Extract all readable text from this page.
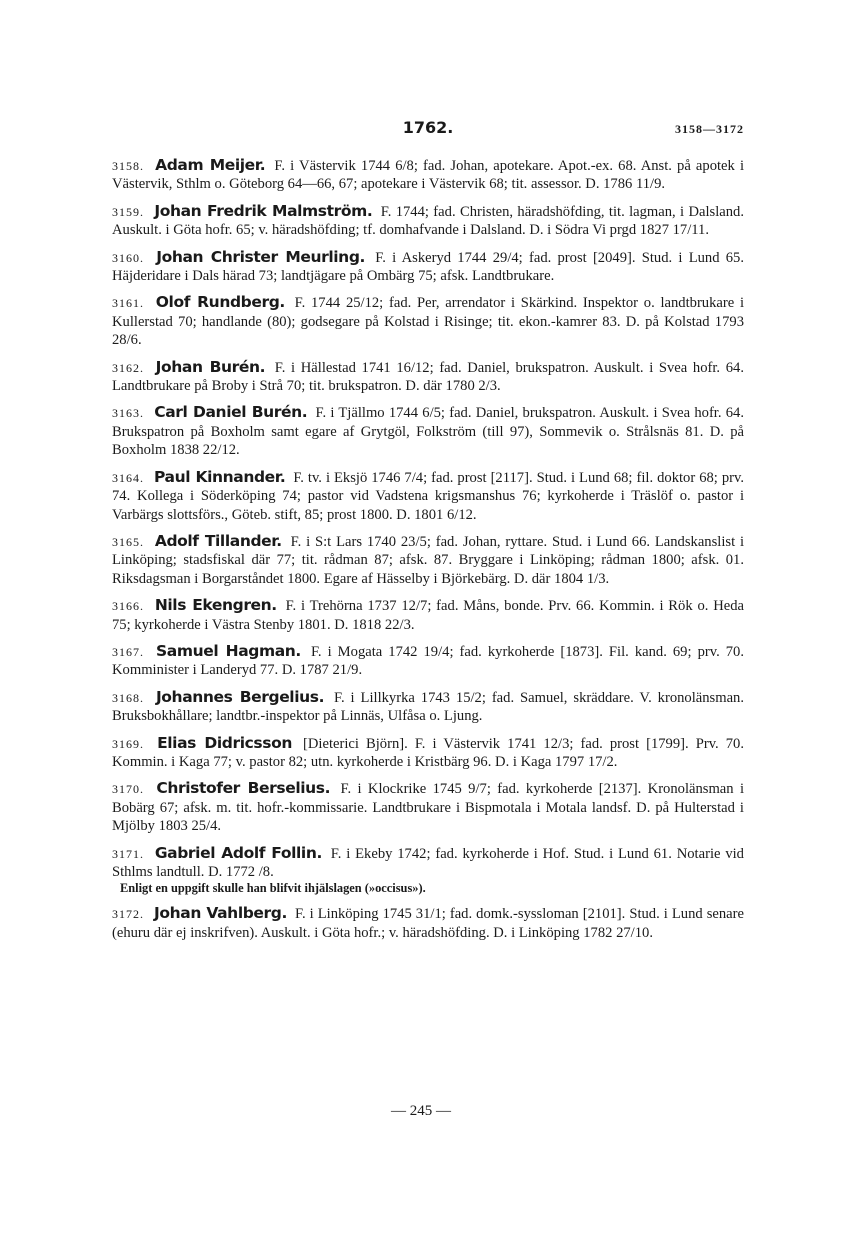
1762.	3158—3172

3158. Adam Meijer. F. i Västervik 1744 6/8; fad. Johan, apotekare. Apot.-ex. 68. Anst. på apotek i Västervik, Sthlm o. Göteborg 64—66, 67; apotekare i Västervik 68; tit. assessor. D. 1786 11/9.

3159. Johan Fredrik Malmström. F. 1744; fad. Christen, häradshöfding, tit. lagman, i Dalsland. Auskult. i Göta hofr. 65; v. häradshöfding; tf. domhafvande i Dalsland. D. i Södra Vi prgd 1827 17/11.

3160. Johan Christer Meurling. F. i Askeryd 1744 29/4; fad. prost [2049]. Stud. i Lund 65. Häjderidare i Dals härad 73; landtjägare på Ombärg 75; afsk. Landtbrukare.

3161. Olof Rundberg. F. 1744 25/12; fad. Per, arrendator i Skärkind. Inspektor o. landtbrukare i Kullerstad 70; handlande (80); godsegare på Kolstad i Risinge; tit. ekon.-kamrer 83. D. på Kolstad 1793 28/6.

3162. Johan Burén. F. i Hällestad 1741 16/12; fad. Daniel, brukspatron. Auskult. i Svea hofr. 64. Landtbrukare på Broby i Strå 70; tit. brukspatron. D. där 1780 2/3.

3163. Carl Daniel Burén. F. i Tjällmo 1744 6/5; fad. Daniel, brukspatron. Auskult. i Svea hofr. 64. Brukspatron på Boxholm samt egare af Grytgöl, Folkström (till 97), Sommevik o. Strålsnäs 81. D. på Boxholm 1838 22/12.

3164. Paul Kinnander. F. tv. i Eksjö 1746 7/4; fad. prost [2117]. Stud. i Lund 68; fil. doktor 68; prv. 74. Kollega i Söderköping 74; pastor vid Vadstena krigsmanshus 76; kyrkoherde i Träslöf o. pastor i Varbärgs slottsförs., Göteb. stift, 85; prost 1800. D. 1801 6/12.

3165. Adolf Tillander. F. i S:t Lars 1740 23/5; fad. Johan, ryttare. Stud. i Lund 66. Landskanslist i Linköping; stadsfiskal där 77; tit. rådman 87; afsk. 87. Bryggare i Linköping; rådman 1800; afsk. 01. Riksdagsman i Borgarståndet 1800. Egare af Hässelby i Björkebärg. D. där 1804 1/3.

3166. Nils Ekengren. F. i Trehörna 1737 12/7; fad. Måns, bonde. Prv. 66. Kommin. i Rök o. Heda 75; kyrkoherde i Västra Stenby 1801. D. 1818 22/3.

3167. Samuel Hagman. F. i Mogata 1742 19/4; fad. kyrkoherde [1873]. Fil. kand. 69; prv. 70. Komminister i Landeryd 77. D. 1787 21/9.

3168. Johannes Bergelius. F. i Lillkyrka 1743 15/2; fad. Samuel, skräddare. V. kronolänsman. Bruksbokhållare; landtbr.-inspektor på Linnäs, Ulfåsa o. Ljung.

3169. Elias Didricsson [Dieterici Björn]. F. i Västervik 1741 12/3; fad. prost [1799]. Prv. 70. Kommin. i Kaga 77; v. pastor 82; utn. kyrkoherde i Kristbärg 96. D. i Kaga 1797 17/2.

3170. Christofer Berselius. F. i Klockrike 1745 9/7; fad. kyrkoherde [2137]. Kronolänsman i Bobärg 67; afsk. m. tit. hofr.-kommissarie. Landtbrukare i Bispmotala i Motala landsf. D. på Hulterstad i Mjölby 1803 25/4.

3171. Gabriel Adolf Follin. F. i Ekeby 1742; fad. kyrkoherde i Hof. Stud. i Lund 61. Notarie vid Sthlms landtull. D. 1772 /8.

Enligt en uppgift skulle han blifvit ihjälslagen (»occisus»).

3172. Johan Vahlberg. F. i Linköping 1745 31/1; fad. domk.-syssloman [2101]. Stud. i Lund senare (ehuru där ej inskrifven). Auskult. i Göta hofr.; v. häradshöfding. D. i Linköping 1782 27/10.

— 245 —
